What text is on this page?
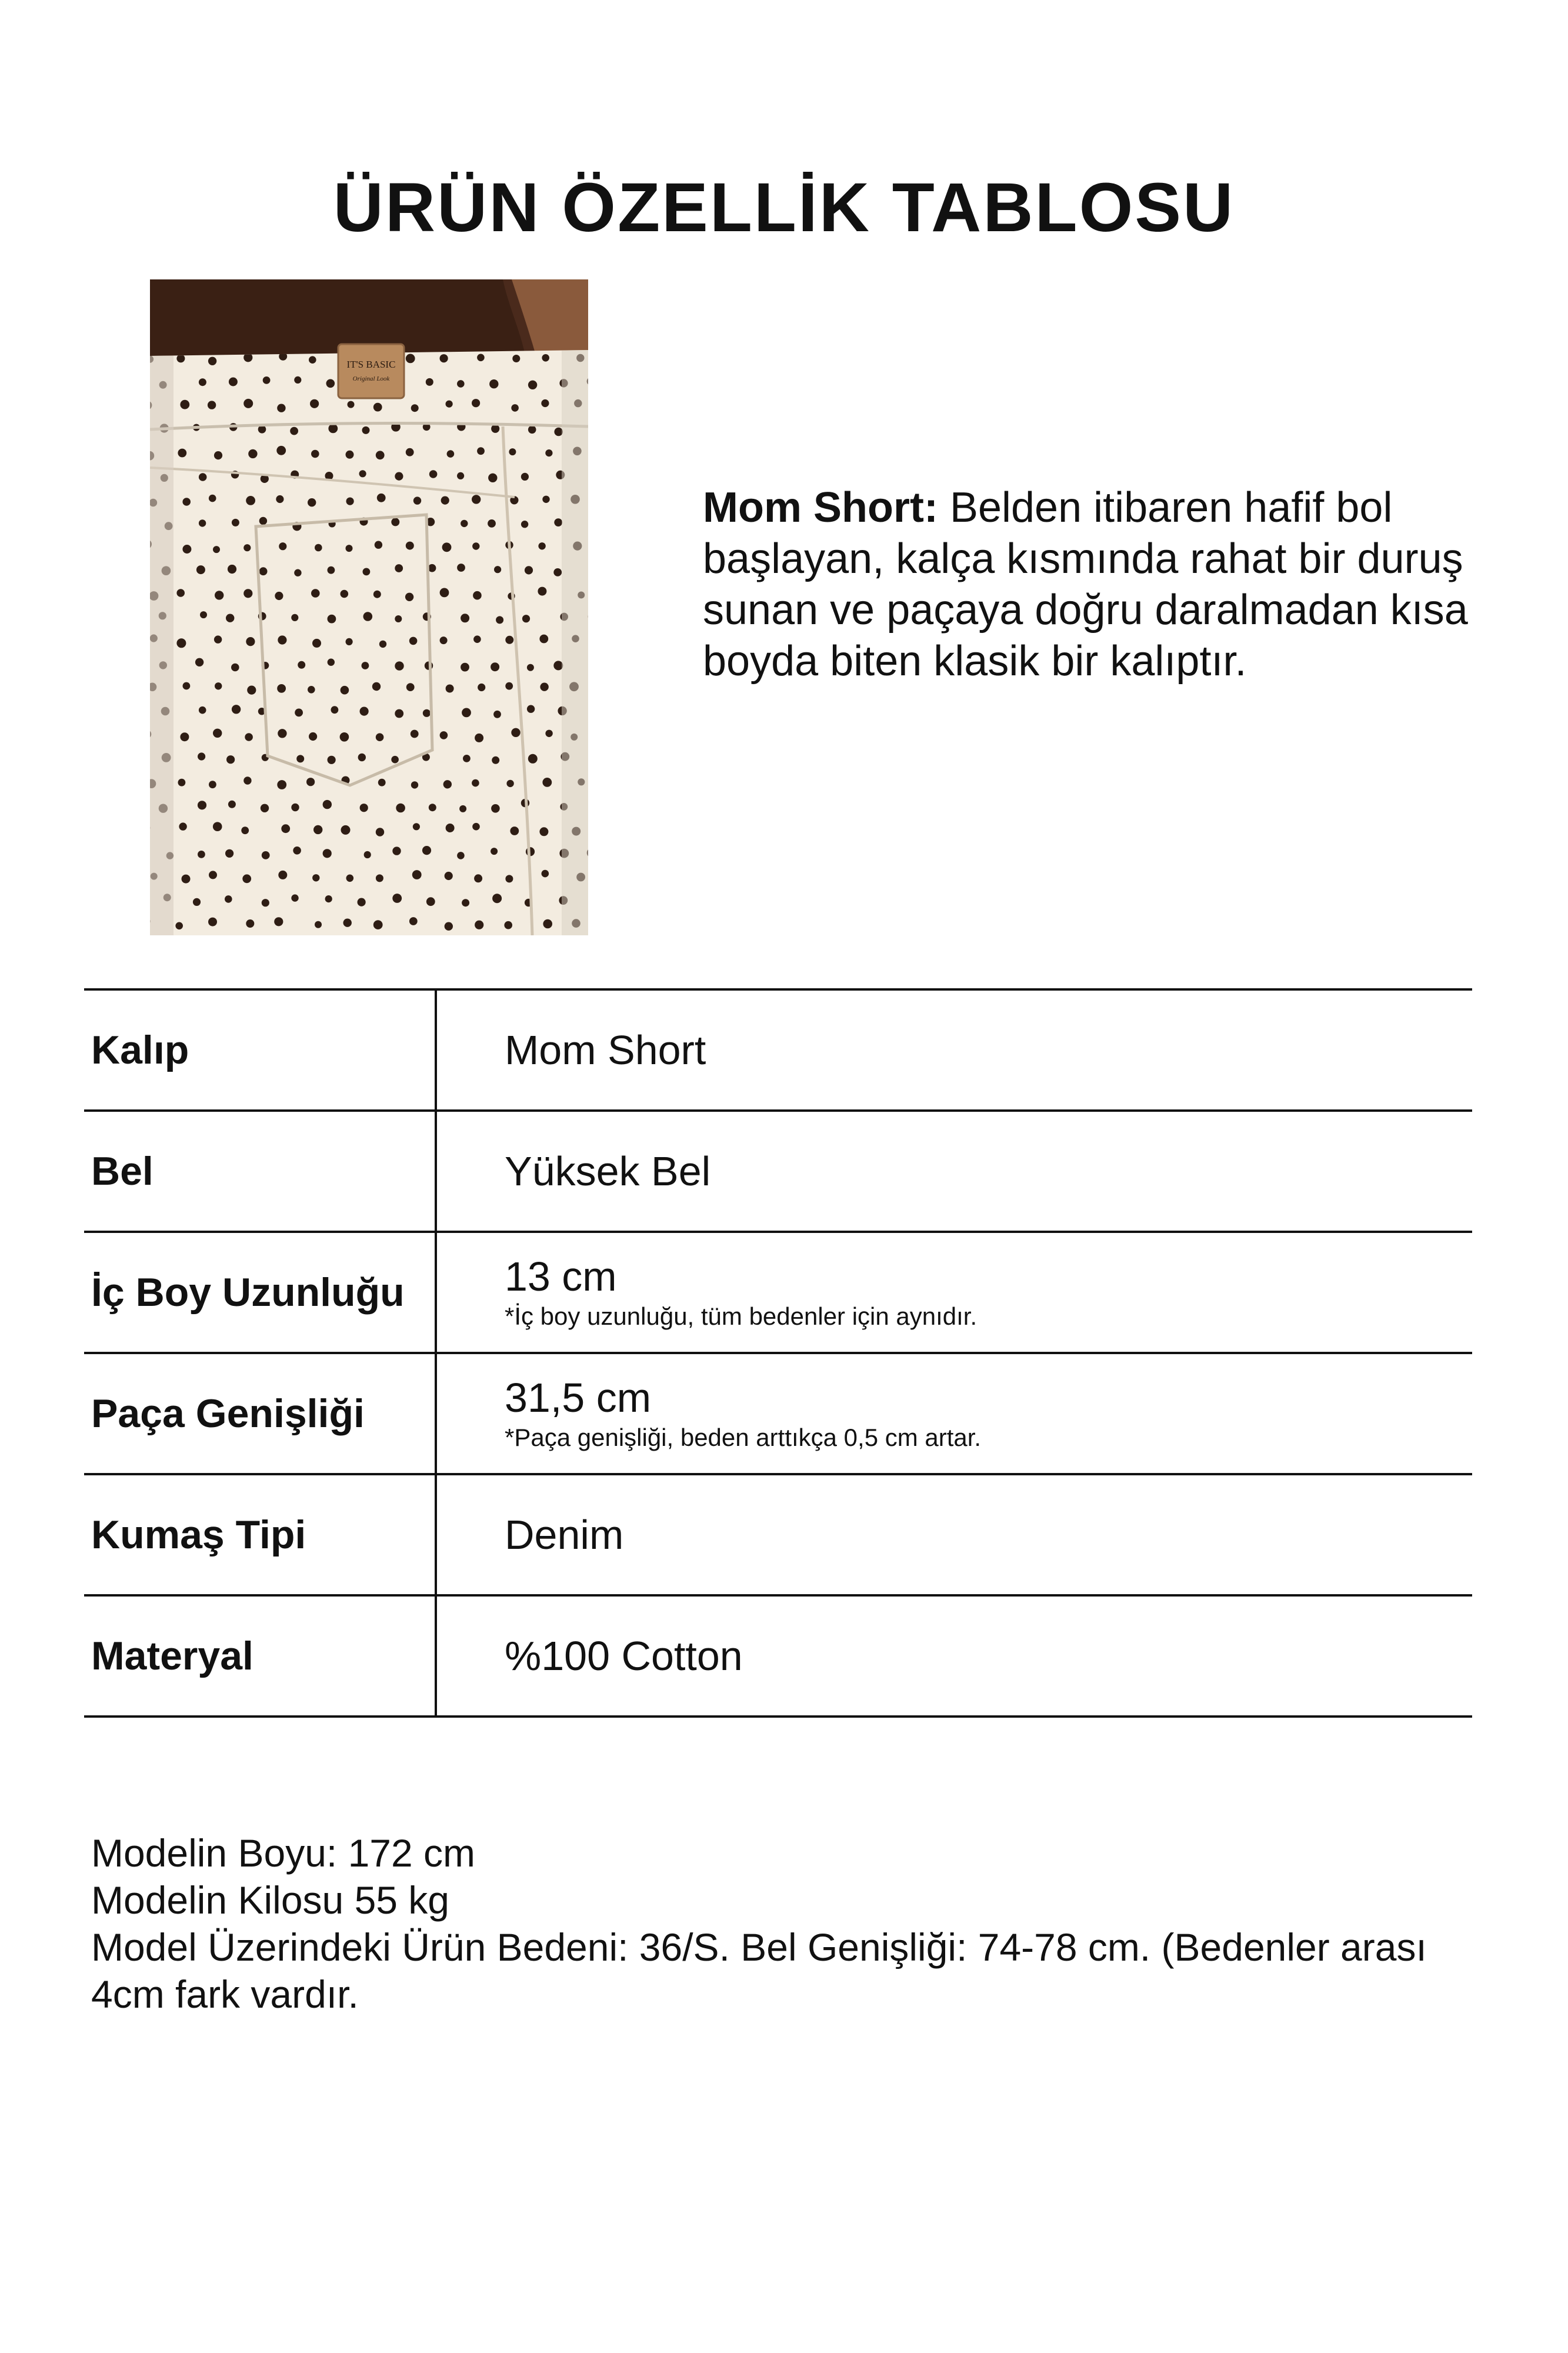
ÜRÜN ÖZELLİK TABLOSU
IT'S BASIC
Original Look
Mom Short: Belden itibaren hafif bol başlayan, kalça kısmında rahat bir duruş sunan ve paçaya doğru daralmadan kısa boyda biten klasik bir kalıptır.
Kalıp	Mom Short
Bel	Yüksek Bel
İç Boy Uzunluğu	13 cm
*İç boy uzunluğu, tüm bedenler için aynıdır.
Paça Genişliği	31,5 cm
*Paça genişliği, beden arttıkça 0,5 cm artar.
Kumaş Tipi	Denim
Materyal	%100 Cotton
Modelin Boyu: 172 cm
Modelin Kilosu 55 kg
Model Üzerindeki Ürün Bedeni: 36/S. Bel Genişliği: 74-78 cm. (Bedenler arası 4cm fark vardır.
